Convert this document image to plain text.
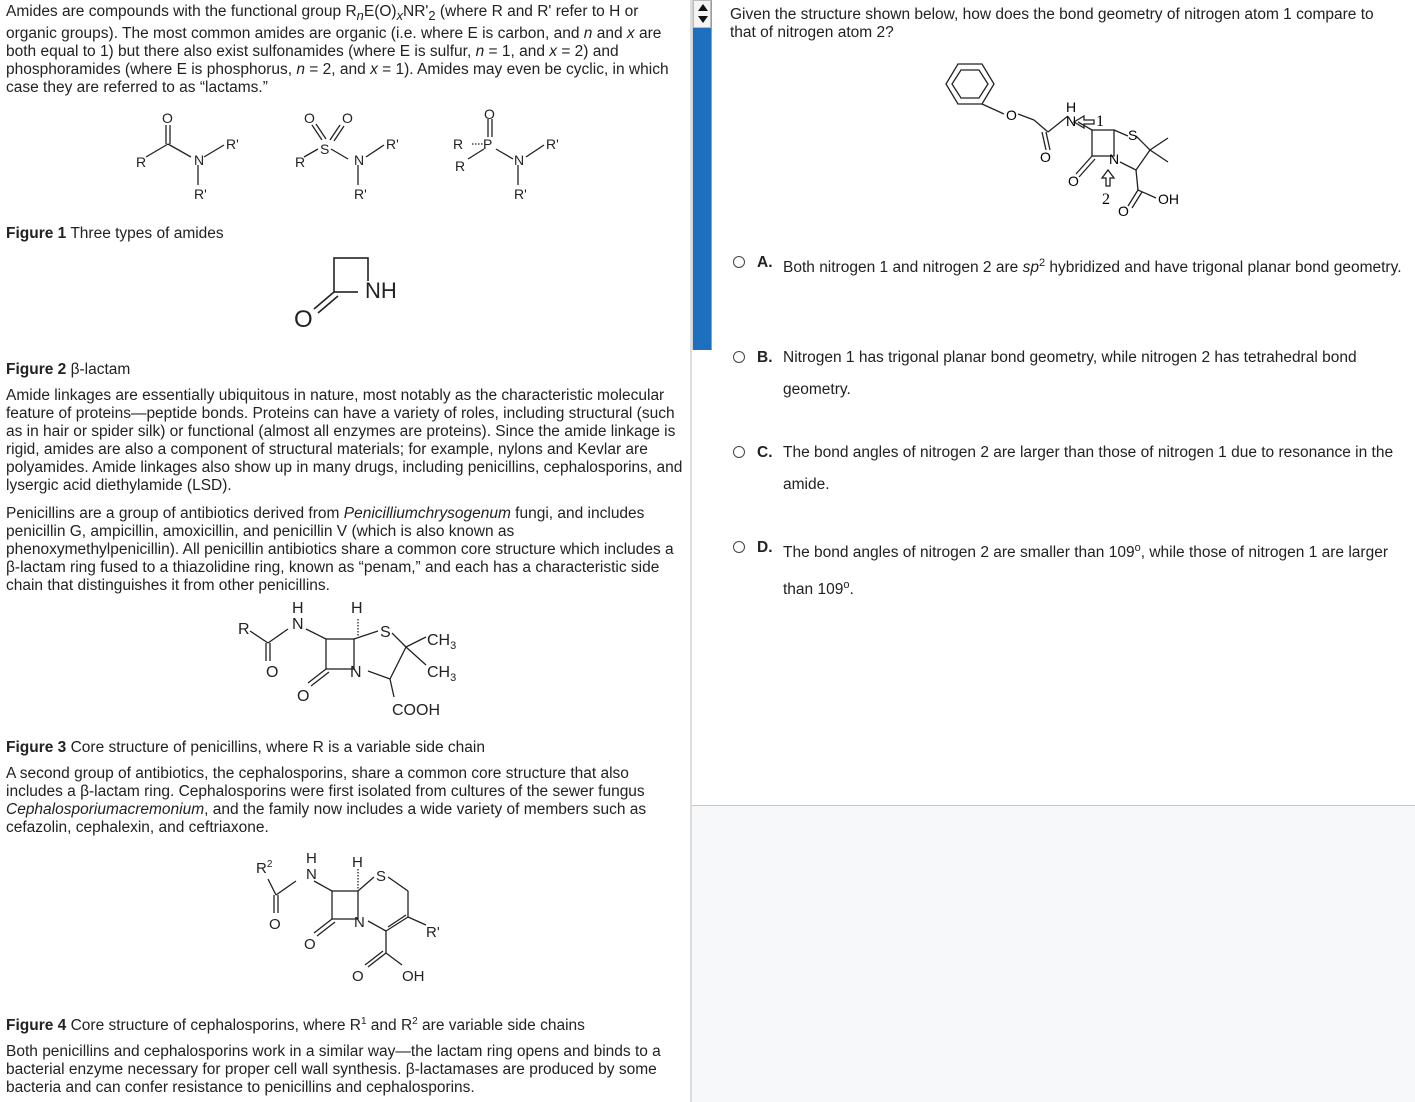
Amides are compounds with the functional group $R_nE(O)_xNR'_2$ (where R and R' refer to H or organic groups). The most common amides are organic (i.e. where E is carbon, and n and x are both equal to 1) but there also exist sulfonamides (where E is sulfur, n = 1, and x = 2) and phosphoramides (where E is phosphorus, n = 2, and x = 1). Amides may even be cyclic, in which case they are referred to as “lactams.”

O
R	N
R'
R'
O O
S
R	N
R'
R'
O
R P
R	N
R'
R'
Figure 1 Three types of amides
NH
O
Figure 2 β-lactam

Amide linkages are essentially ubiquitous in nature, most notably as the characteristic molecular feature of proteins—peptide bonds. Proteins can have a variety of roles, including structural (such as in hair or spider silk) or functional (almost all enzymes are proteins). Since the amide linkage is rigid, amides are also a component of structural materials; for example, nylons and Kevlar are polyamides. Amide linkages also show up in many drugs, including penicillins, cephalosporins, and lysergic acid diethylamide (LSD).

Penicillins are a group of antibiotics derived from Penicilliumchrysogenum fungi, and includes penicillin G, ampicillin, amoxicillin, and penicillin V (which is also known as phenoxymethylpenicillin). All penicillin antibiotics share a common core structure which includes a β-lactam ring fused to a thiazolidine ring, known as “penam,” and each has a characteristic side chain that distinguishes it from other penicillins.

R
H
N
H
S
N
O
O
$CH_3$
$CH_3$
COOH
Figure 3 Core structure of penicillins, where R is a variable side chain

A second group of antibiotics, the cephalosporins, share a common core structure that also includes a β-lactam ring. Cephalosporins were first isolated from cultures of the sewer fungus Cephalosporiumacremonium, and the family now includes a wide variety of members such as cefazolin, cephalexin, and ceftriaxone.

$R^2$ H
N
H
S
N
O
O
R'
O	OH
Figure 4 Core structure of cephalosporins, where $R^1$ and $R^2$ are variable side chains

Both penicillins and cephalosporins work in a similar way—the lactam ring opens and binds to a bacterial enzyme necessary for proper cell wall synthesis. β-lactamases are produced by some bacteria and can confer resistance to penicillins and cephalosporins.

Given the structure shown below, how does the bond geometry of nitrogen atom 1 compare to that of nitrogen atom 2?
O
O
H
N 1
S
N
O
2
O
OH
A. Both nitrogen 1 and nitrogen 2 are $sp^2$ hybridized and have trigonal planar bond geometry.
B. Nitrogen 1 has trigonal planar bond geometry, while nitrogen 2 has tetrahedral bond geometry.
C. The bond angles of nitrogen 2 are larger than those of nitrogen 1 due to resonance in the amide.
D. The bond angles of nitrogen 2 are smaller than 109$^o$, while those of nitrogen 1 are larger than 109$^o$.
